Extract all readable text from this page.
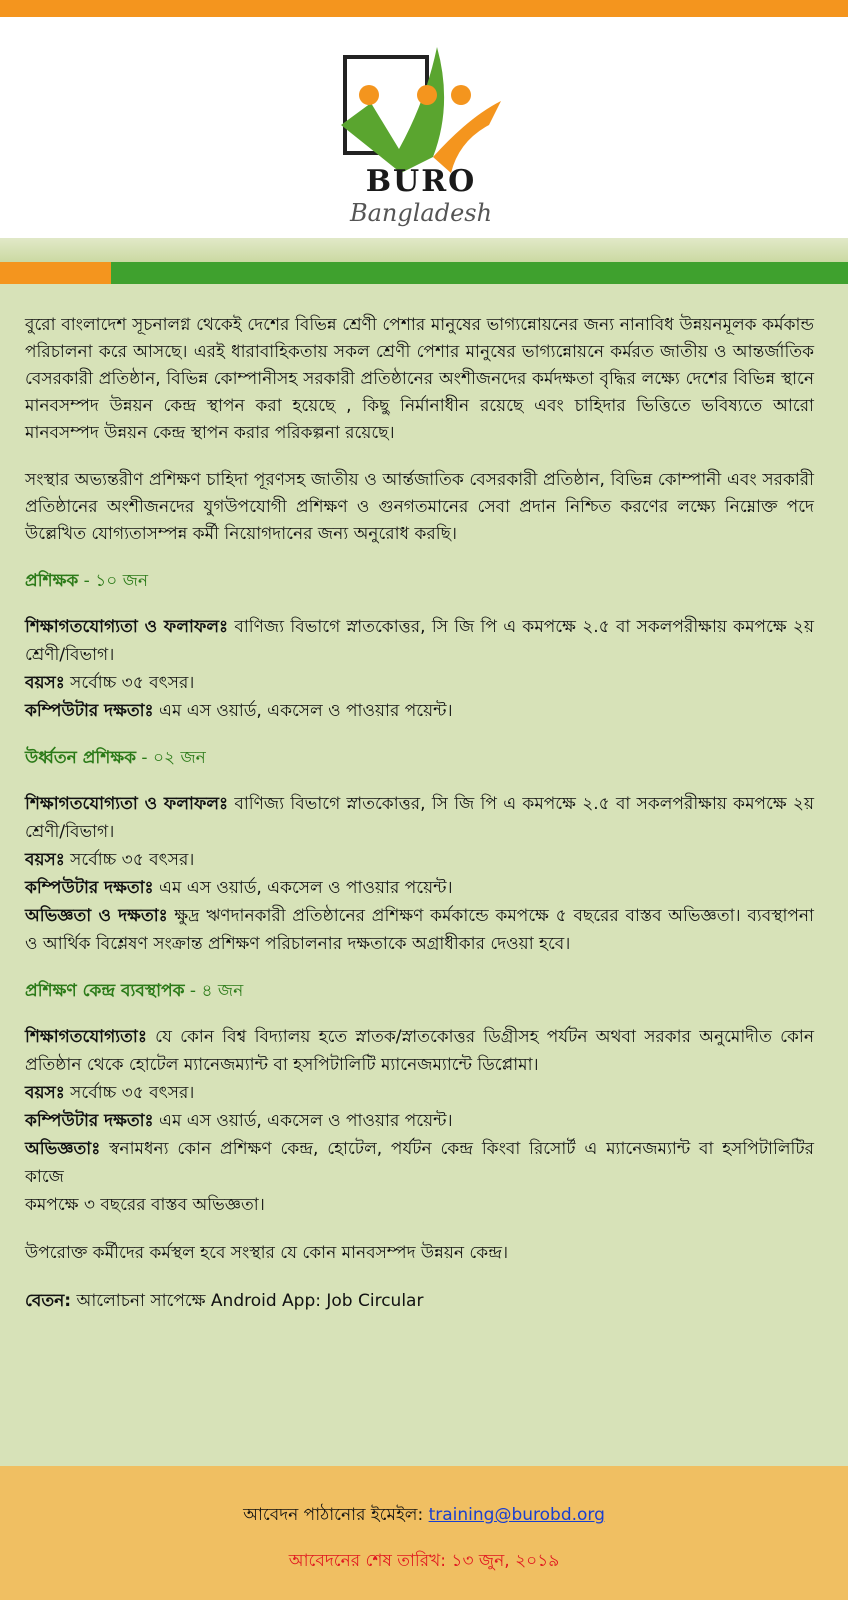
BURO
Bangladesh

বুরো বাংলাদেশ সূচনালগ্ন থেকেই দেশের বিভিন্ন শ্রেণী পেশার মানুষের ভাগ্যন্নোয়নের জন্য নানাবিধ উন্নয়নমূলক কর্মকান্ড পরিচালনা করে আসছে। এরই ধারাবাহিকতায় সকল শ্রেণী পেশার মানুষের ভাগ্যন্নোয়নে কর্মরত জাতীয় ও আন্তর্জাতিক বেসরকারী প্রতিষ্ঠান, বিভিন্ন কোম্পানীসহ সরকারী প্রতিষ্ঠানের অংশীজনদের কর্মদক্ষতা বৃদ্ধির লক্ষ্যে দেশের বিভিন্ন স্থানে মানবসম্পদ উন্নয়ন কেন্দ্র স্থাপন করা হয়েছে , কিছু নির্মানাধীন রয়েছে এবং চাহিদার ভিত্তিতে ভবিষ্যতে আরো মানবসম্পদ উন্নয়ন কেন্দ্র স্থাপন করার পরিকল্পনা রয়েছে।

সংস্থার অভ্যন্তরীণ প্রশিক্ষণ চাহিদা পূরণসহ জাতীয় ও আর্ন্তজাতিক বেসরকারী প্রতিষ্ঠান, বিভিন্ন কোম্পানী এবং সরকারী প্রতিষ্ঠানের অংশীজনদের যুগউপযোগী প্রশিক্ষণ ও গুনগতমানের সেবা প্রদান নিশ্চিত করণের লক্ষ্যে নিম্নোক্ত পদে উল্লেখিত যোগ্যতাসম্পন্ন কর্মী নিয়োগদানের জন্য অনুরোধ করছি।

প্রশিক্ষক - ১০ জন

শিক্ষাগতযোগ্যতা ও ফলাফলঃ বাণিজ্য বিভাগে স্নাতকোত্তর, সি জি পি এ কমপক্ষে ২.৫ বা সকলপরীক্ষায় কমপক্ষে ২য় শ্রেণী/বিভাগ।

বয়সঃ সর্বোচ্চ ৩৫ বৎসর।

কম্পিউটার দক্ষতাঃ এম এস ওয়ার্ড, একসেল ও পাওয়ার পয়েন্ট।

উর্ধ্বতন প্রশিক্ষক - ০২ জন

শিক্ষাগতযোগ্যতা ও ফলাফলঃ বাণিজ্য বিভাগে স্নাতকোত্তর, সি জি পি এ কমপক্ষে ২.৫ বা সকলপরীক্ষায় কমপক্ষে ২য় শ্রেণী/বিভাগ।

বয়সঃ সর্বোচ্চ ৩৫ বৎসর।

কম্পিউটার দক্ষতাঃ এম এস ওয়ার্ড, একসেল ও পাওয়ার পয়েন্ট।

অভিজ্ঞতা ও দক্ষতাঃ ক্ষুদ্র ঋণদানকারী প্রতিষ্ঠানের প্রশিক্ষণ কর্মকান্ডে কমপক্ষে ৫ বছরের বাস্তব অভিজ্ঞতা। ব্যবস্থাপনা ও আর্থিক বিশ্লেষণ সংক্রান্ত প্রশিক্ষণ পরিচালনার দক্ষতাকে অগ্রাধীকার দেওয়া হবে।

প্রশিক্ষণ কেন্দ্র ব্যবস্থাপক - ৪ জন

শিক্ষাগতযোগ্যতাঃ যে কোন বিশ্ব বিদ্যালয় হতে স্নাতক/স্নাতকোত্তর ডিগ্রীসহ পর্যটন অথবা সরকার অনুমোদীত কোন প্রতিষ্ঠান থেকে হোটেল ম্যানেজম্যান্ট বা হসপিটালিটি ম্যানেজম্যান্টে ডিপ্লোমা।

বয়সঃ সর্বোচ্চ ৩৫ বৎসর।

কম্পিউটার দক্ষতাঃ এম এস ওয়ার্ড, একসেল ও পাওয়ার পয়েন্ট।

অভিজ্ঞতাঃ স্বনামধন্য কোন প্রশিক্ষণ কেন্দ্র, হোটেল, পর্যটন কেন্দ্র কিংবা রিসোর্ট এ ম্যানেজম্যান্ট বা হসপিটালিটির কাজে

কমপক্ষে ৩ বছরের বাস্তব অভিজ্ঞতা।

উপরোক্ত কর্মীদের কর্মস্থল হবে সংস্থার যে কোন মানবসম্পদ উন্নয়ন কেন্দ্র।

বেতন: আলোচনা সাপেক্ষে Android App: Job Circular

আবেদন পাঠানোর ইমেইল: training@burobd.org
আবেদনের শেষ তারিখ: ১৩ জুন, ২০১৯
